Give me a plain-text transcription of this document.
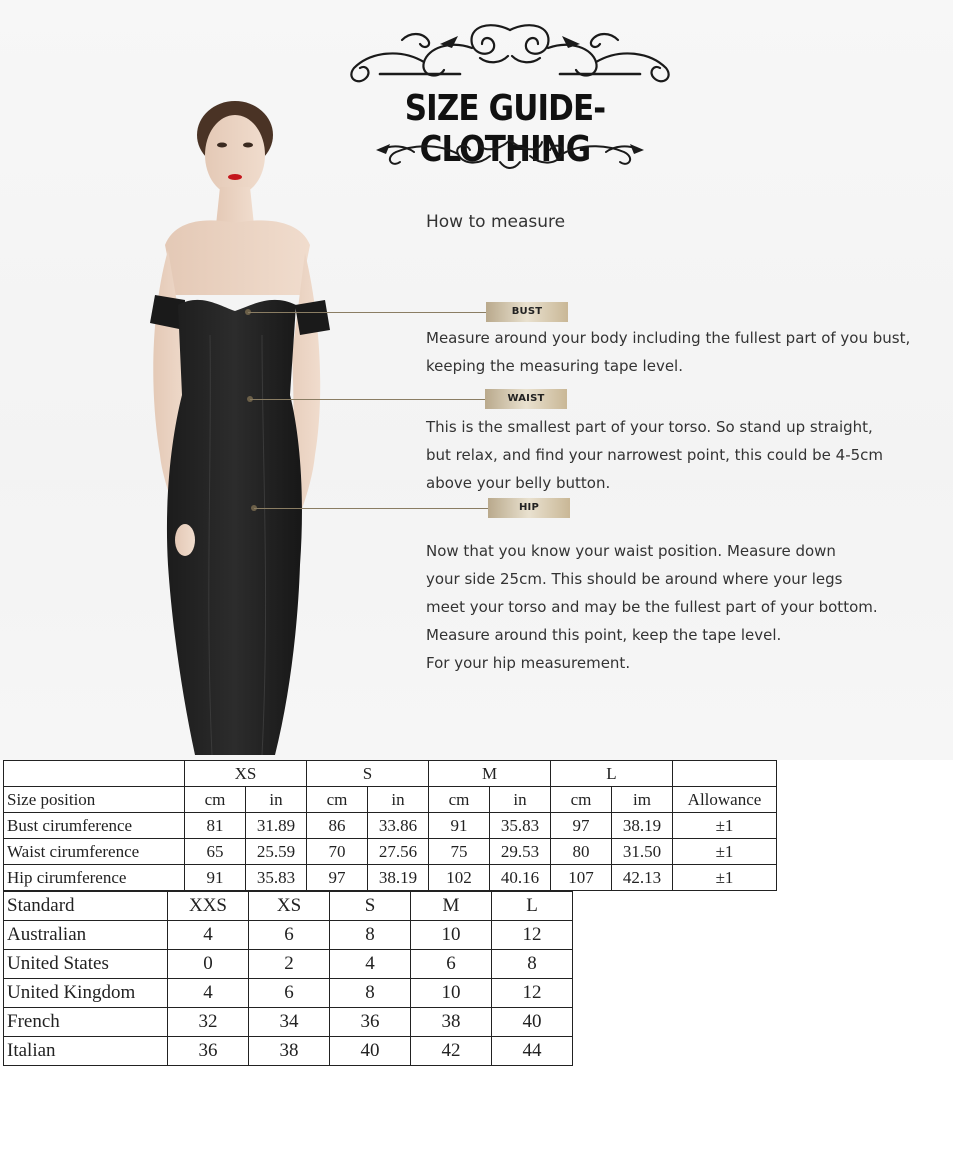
SIZE GUIDE-CLOTHING
How to measure
BUST
Measure around your body including the fullest part of you bust,
keeping the measuring tape level.
WAIST
This is the smallest part of your torso. So stand up straight,
but relax, and find your narrowest point, this could be 4-5cm
above your belly button.
HIP
Now that you know your waist position. Measure down
your side 25cm. This should be around where your legs
meet your torso and may be the fullest part of your bottom.
Measure around this point, keep the tape level.
For your hip measurement.
	XS		S		M		L		
Size position	cm	in	cm	in	cm	in	cm	im	Allowance
Bust cirumference	81	31.89	86	33.86	91	35.83	97	38.19	±1
Waist cirumference	65	25.59	70	27.56	75	29.53	80	31.50	±1
Hip cirumference	91	35.83	97	38.19	102	40.16	107	42.13	±1
Standard	XXS	XS	S	M	L
Australian	4	6	8	10	12
United States	0	2	4	6	8
United Kingdom	4	6	8	10	12
French	32	34	36	38	40
Italian	36	38	40	42	44
